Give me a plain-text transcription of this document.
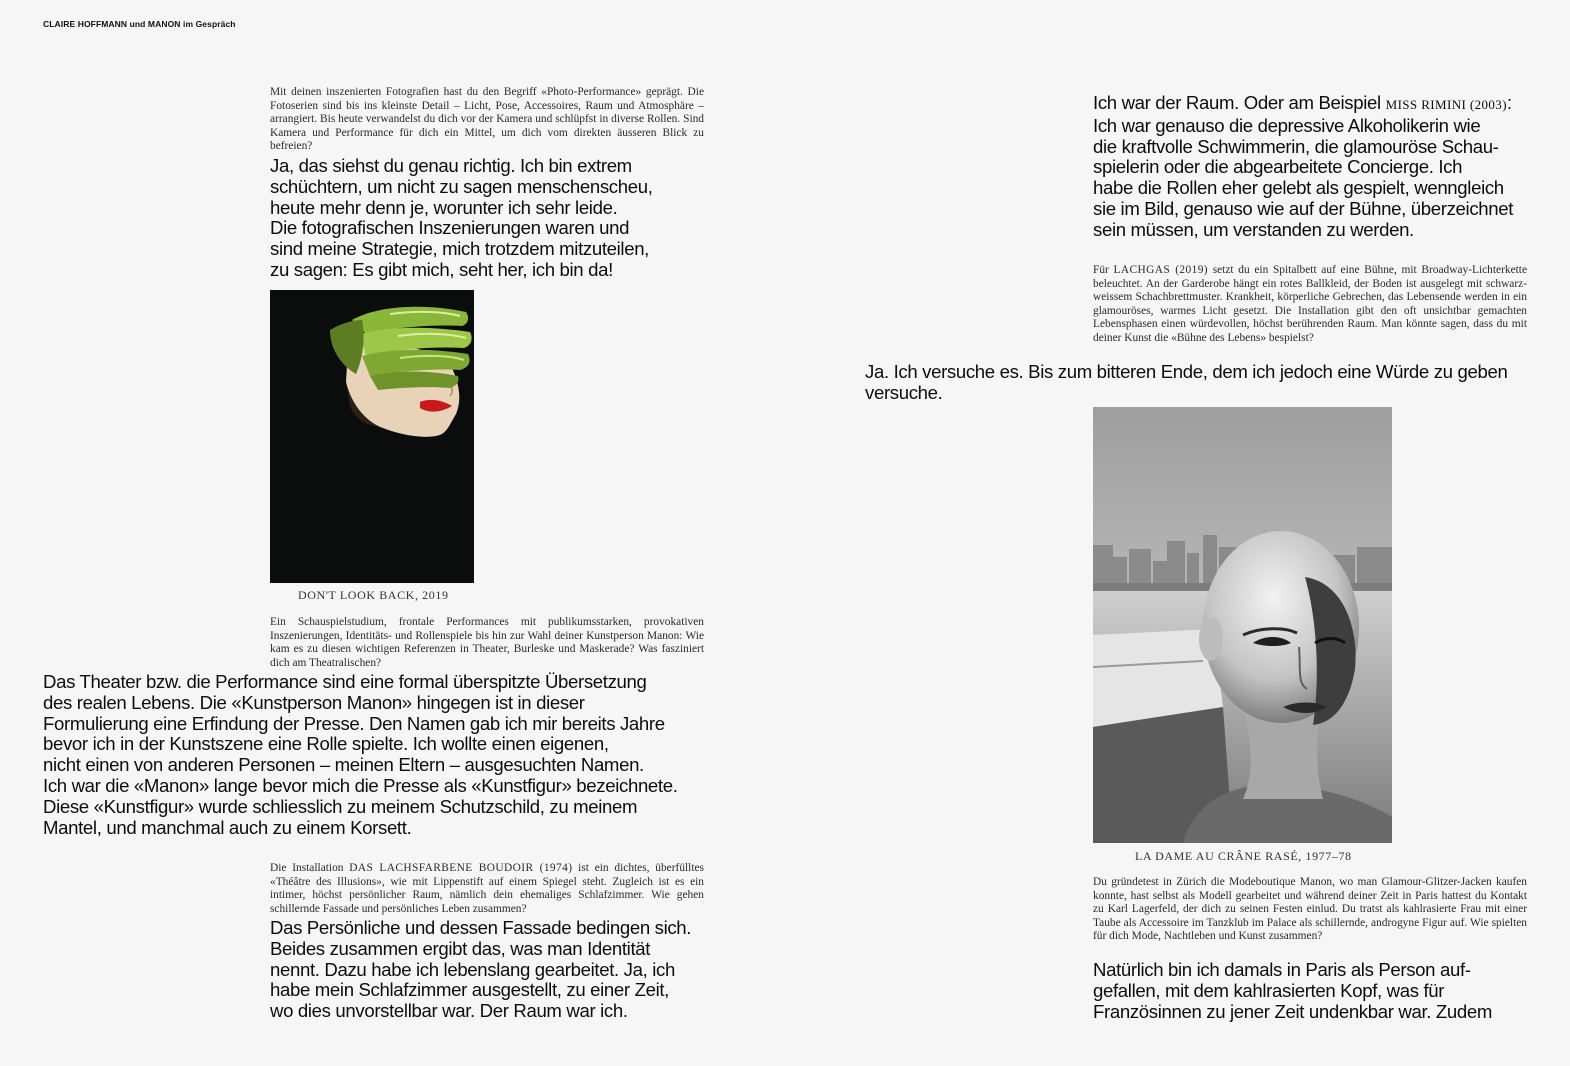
CLAIRE HOFFMANN und MANON im Gespräch

Mit deinen inszenierten Fotografien hast du den Begriff «Photo-Performance» geprägt. Die Fotoserien sind bis ins kleinste Detail – Licht, Pose, Accessoires, Raum und Atmosphäre – arrangiert. Bis heute verwandelst du dich vor der Kamera und schlüpfst in diverse Rollen. Sind Kamera und Performance für dich ein Mittel, um dich vom direkten äusseren Blick zu befreien?

Ja, das siehst du genau richtig. Ich bin extrem
schüchtern, um nicht zu sagen menschenscheu,
heute mehr denn je, worunter ich sehr leide.
Die fotografischen Inszenierungen waren und
sind meine Strategie, mich trotzdem mitzuteilen,
zu sagen: Es gibt mich, seht her, ich bin da!

DON'T LOOK BACK, 2019

Ein Schauspielstudium, frontale Performances mit publikumsstarken, provokativen Inszenierungen, Identitäts- und Rollenspiele bis hin zur Wahl deiner Kunstperson Manon: Wie kam es zu diesen wichtigen Referenzen in Theater, Burleske und Maskerade? Was fasziniert dich am Theatralischen?

Das Theater bzw. die Performance sind eine formal überspitzte Übersetzung
des realen Lebens. Die «Kunstperson Manon» hingegen ist in dieser
Formulierung eine Erfindung der Presse. Den Namen gab ich mir bereits Jahre
bevor ich in der Kunstszene eine Rolle spielte. Ich wollte einen eigenen,
nicht einen von anderen Personen – meinen Eltern – ausgesuchten Namen.
Ich war die «Manon» lange bevor mich die Presse als «Kunstfigur» bezeichnete.
Diese «Kunstfigur» wurde schliesslich zu meinem Schutzschild, zu meinem
Mantel, und manchmal auch zu einem Korsett.

Die Installation DAS LACHSFARBENE BOUDOIR (1974) ist ein dichtes, überfülltes «Théâtre des Illusions», wie mit Lippenstift auf einem Spiegel steht. Zugleich ist es ein intimer, höchst persönlicher Raum, nämlich dein ehemaliges Schlafzimmer. Wie gehen schillernde Fassade und persönliches Leben zusammen?

Das Persönliche und dessen Fassade bedingen sich.
Beides zusammen ergibt das, was man Identität
nennt. Dazu habe ich lebenslang gearbeitet. Ja, ich
habe mein Schlafzimmer ausgestellt, zu einer Zeit,
wo dies unvorstellbar war. Der Raum war ich.
Ich war der Raum. Oder am Beispiel MISS RIMINI (2003):
Ich war genauso die depressive Alkoholikerin wie
die kraftvolle Schwimmerin, die glamouröse Schau-
spielerin oder die abgearbeitete Concierge. Ich
habe die Rollen eher gelebt als gespielt, wenngleich
sie im Bild, genauso wie auf der Bühne, überzeichnet
sein müssen, um verstanden zu werden.

Für LACHGAS (2019) setzt du ein Spitalbett auf eine Bühne, mit Broadway-Lichterkette beleuchtet. An der Garderobe hängt ein rotes Ballkleid, der Boden ist ausgelegt mit schwarz-weissem Schachbrettmuster. Krankheit, körperliche Gebrechen, das Lebensende werden in ein glamouröses, warmes Licht gesetzt. Die Installation gibt den oft unsichtbar gemachten Lebensphasen einen würdevollen, höchst berührenden Raum. Man könnte sagen, dass du mit deiner Kunst die «Bühne des Lebens» bespielst?

Ja. Ich versuche es. Bis zum bitteren Ende, dem ich jedoch eine Würde zu geben
versuche.

LA DAME AU CRÂNE RASÉ, 1977–78

Du gründetest in Zürich die Modeboutique Manon, wo man Glamour-Glitzer-Jacken kaufen konnte, hast selbst als Modell gearbeitet und während deiner Zeit in Paris hattest du Kontakt zu Karl Lagerfeld, der dich zu seinen Festen einlud. Du tratst als kahlrasierte Frau mit einer Taube als Accessoire im Tanzklub im Palace als schillernde, androgyne Figur auf. Wie spielten für dich Mode, Nachtleben und Kunst zusammen?

Natürlich bin ich damals in Paris als Person auf-
gefallen, mit dem kahlrasierten Kopf, was für
Französinnen zu jener Zeit undenkbar war. Zudem
